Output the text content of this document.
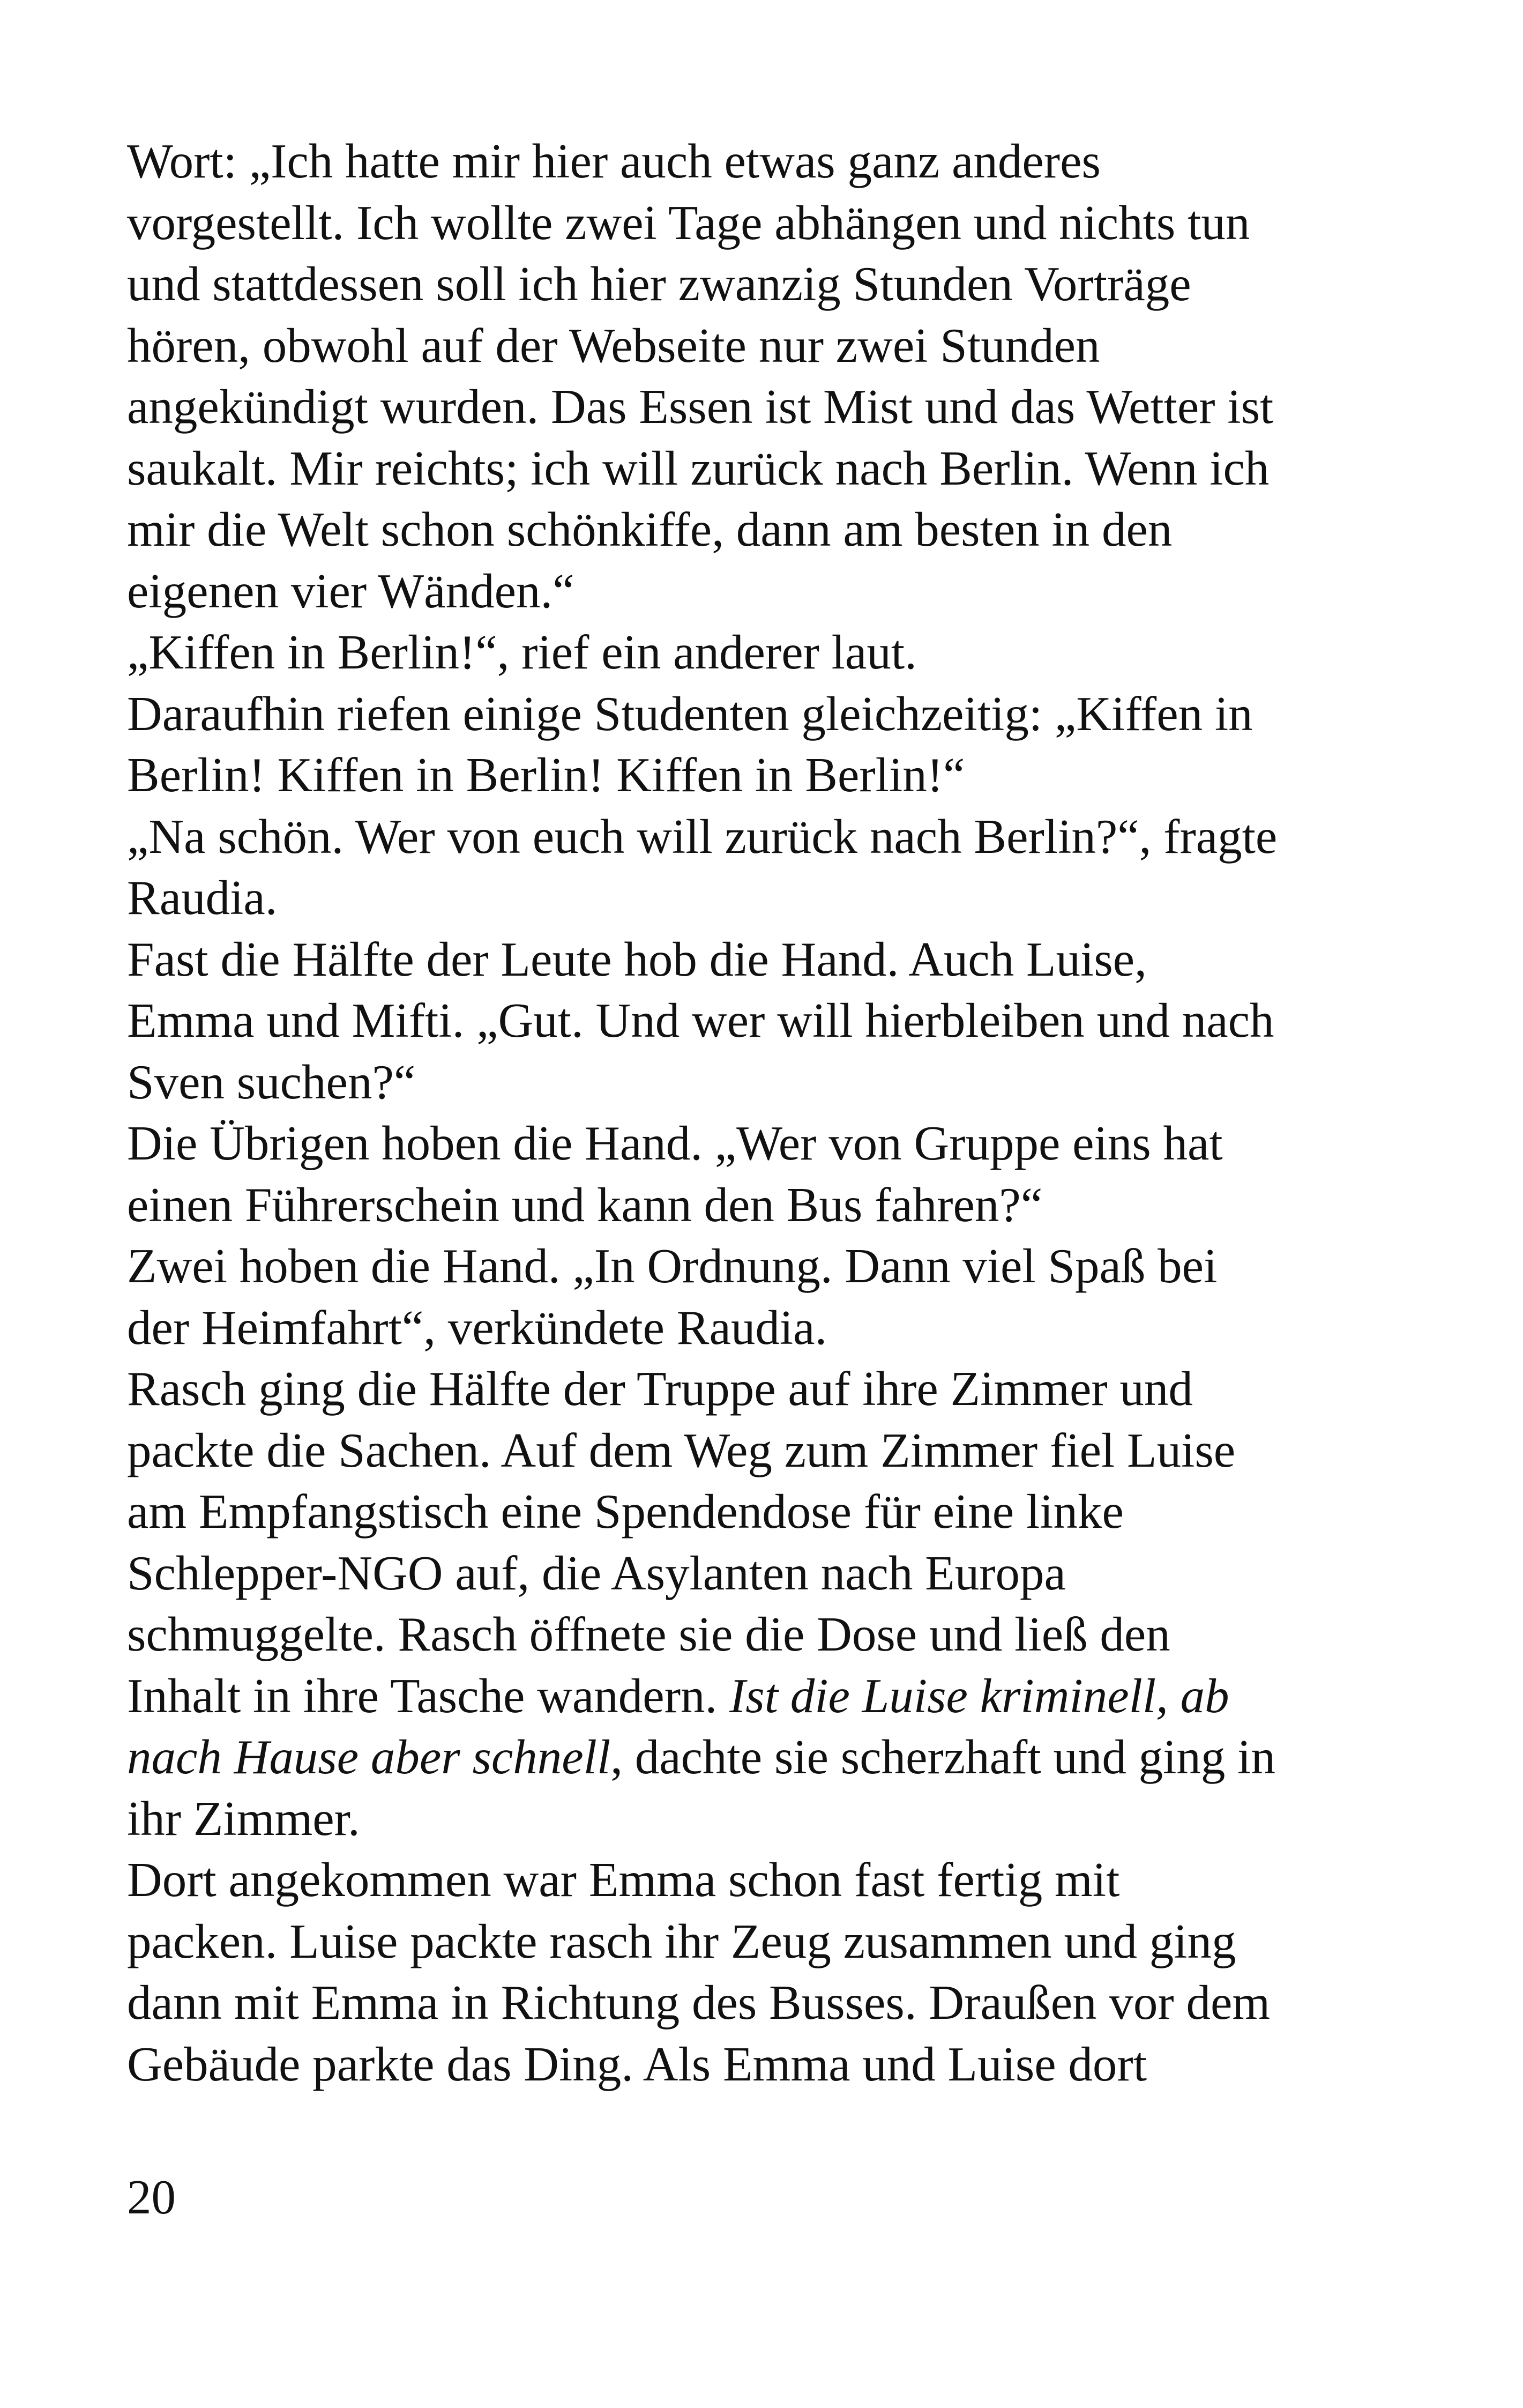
Wort: „Ich hatte mir hier auch etwas ganz anderes
vorgestellt. Ich wollte zwei Tage abhängen und nichts tun
und stattdessen soll ich hier zwanzig Stunden Vorträge
hören, obwohl auf der Webseite nur zwei Stunden
angekündigt wurden. Das Essen ist Mist und das Wetter ist
saukalt. Mir reichts; ich will zurück nach Berlin. Wenn ich
mir die Welt schon schönkiffe, dann am besten in den
eigenen vier Wänden.“
„Kiffen in Berlin!“, rief ein anderer laut.
Daraufhin riefen einige Studenten gleichzeitig: „Kiffen in
Berlin! Kiffen in Berlin! Kiffen in Berlin!“
„Na schön. Wer von euch will zurück nach Berlin?“, fragte
Raudia.
Fast die Hälfte der Leute hob die Hand. Auch Luise,
Emma und Mifti. „Gut. Und wer will hierbleiben und nach
Sven suchen?“
Die Übrigen hoben die Hand. „Wer von Gruppe eins hat
einen Führerschein und kann den Bus fahren?“
Zwei hoben die Hand. „In Ordnung. Dann viel Spaß bei
der Heimfahrt“, verkündete Raudia.
Rasch ging die Hälfte der Truppe auf ihre Zimmer und
packte die Sachen. Auf dem Weg zum Zimmer fiel Luise
am Empfangstisch eine Spendendose für eine linke
Schlepper-NGO auf, die Asylanten nach Europa
schmuggelte. Rasch öffnete sie die Dose und ließ den
Inhalt in ihre Tasche wandern. Ist die Luise kriminell, ab
nach Hause aber schnell, dachte sie scherzhaft und ging in
ihr Zimmer.
Dort angekommen war Emma schon fast fertig mit
packen. Luise packte rasch ihr Zeug zusammen und ging
dann mit Emma in Richtung des Busses. Draußen vor dem
Gebäude parkte das Ding. Als Emma und Luise dort
20
